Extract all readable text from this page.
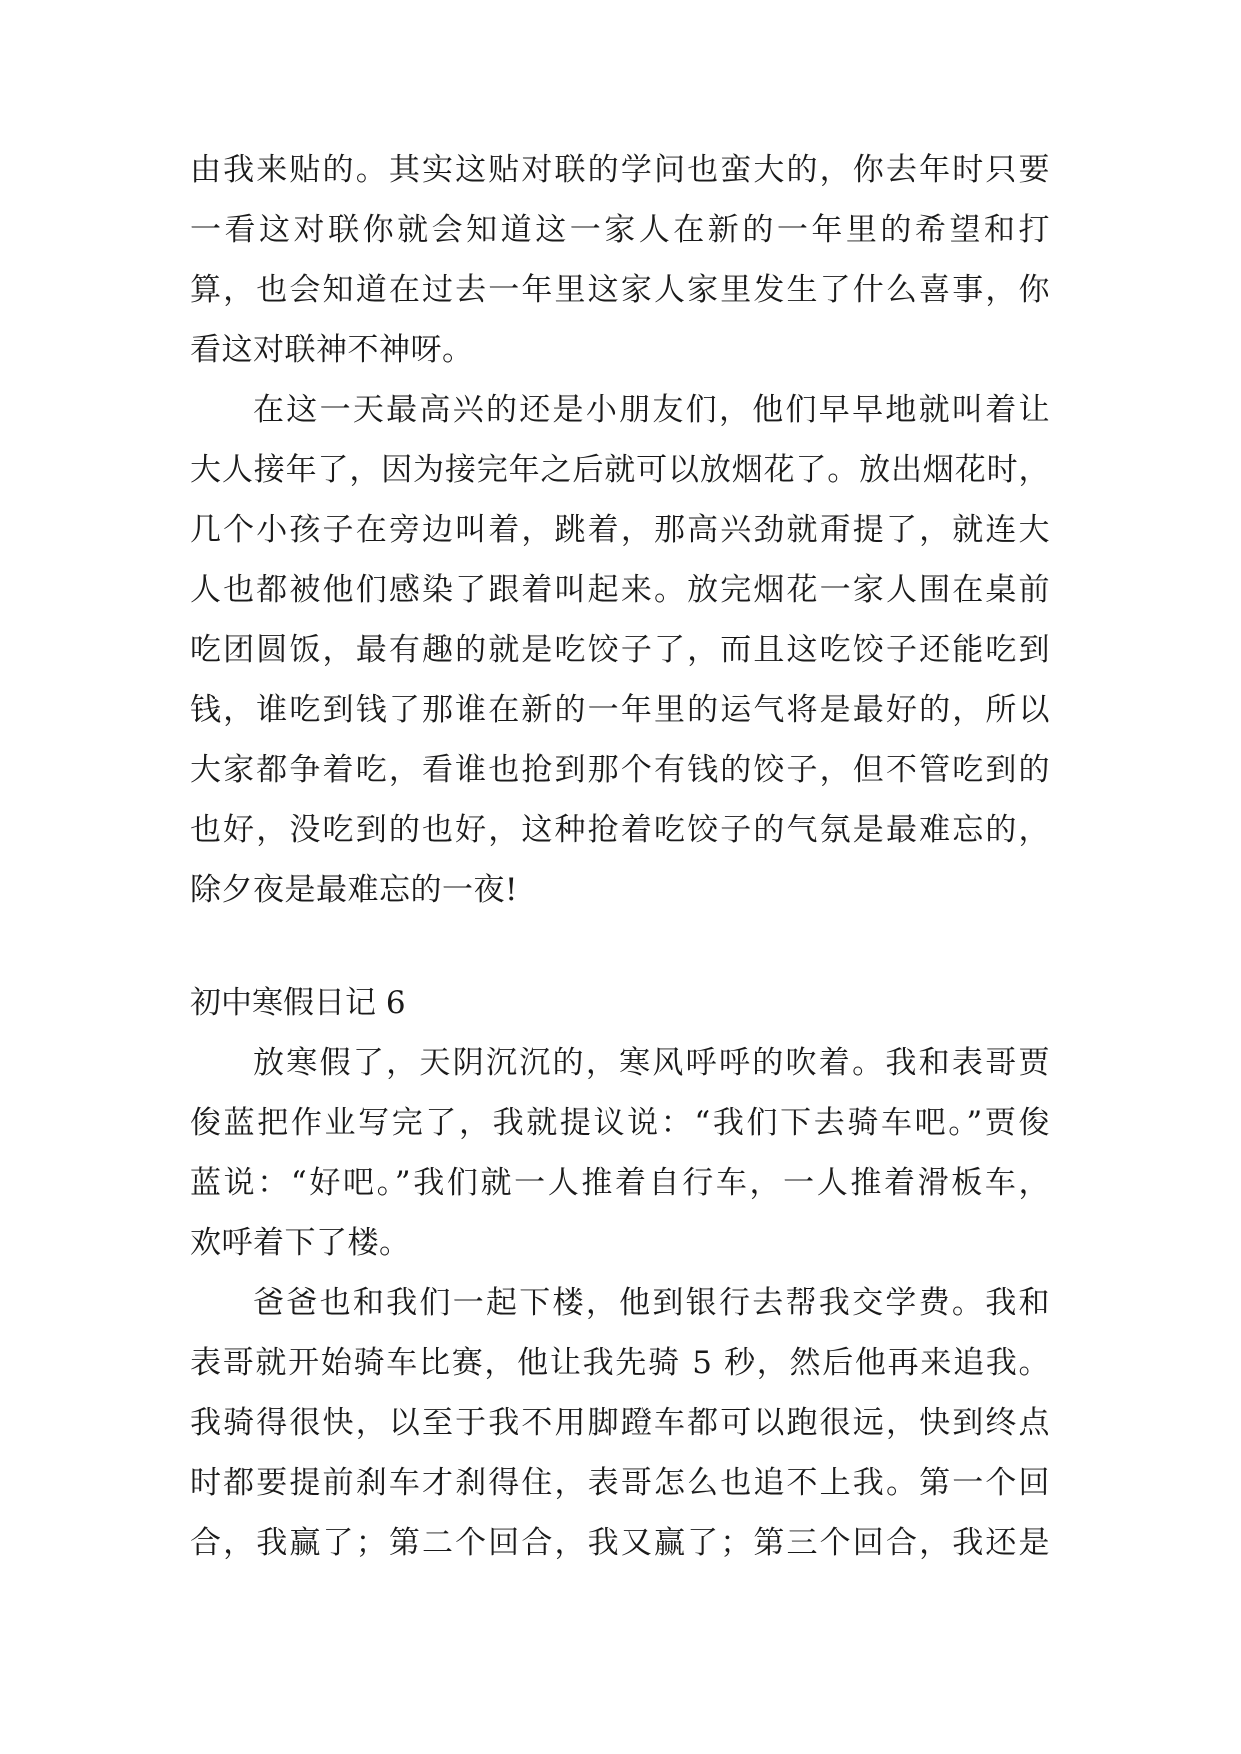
由我来贴的。其实这贴对联的学问也蛮大的，你去年时只要
一看这对联你就会知道这一家人在新的一年里的希望和打
算，也会知道在过去一年里这家人家里发生了什么喜事，你
看这对联神不神呀。
在这一天最高兴的还是小朋友们，他们早早地就叫着让
大人接年了，因为接完年之后就可以放烟花了。放出烟花时，
几个小孩子在旁边叫着，跳着，那高兴劲就甭提了，就连大
人也都被他们感染了跟着叫起来。放完烟花一家人围在桌前
吃团圆饭，最有趣的就是吃饺子了，而且这吃饺子还能吃到
钱，谁吃到钱了那谁在新的一年里的运气将是最好的，所以
大家都争着吃，看谁也抢到那个有钱的饺子，但不管吃到的
也好，没吃到的也好，这种抢着吃饺子的气氛是最难忘的，
除夕夜是最难忘的一夜!
初中寒假日记 6
放寒假了，天阴沉沉的，寒风呼呼的吹着。我和表哥贾
俊蓝把作业写完了，我就提议说：“我们下去骑车吧。”贾俊
蓝说：“好吧。”我们就一人推着自行车，一人推着滑板车，
欢呼着下了楼。
爸爸也和我们一起下楼，他到银行去帮我交学费。我和
表哥就开始骑车比赛，他让我先骑 5 秒，然后他再来追我。
我骑得很快，以至于我不用脚蹬车都可以跑很远，快到终点
时都要提前刹车才刹得住，表哥怎么也追不上我。第一个回
合，我赢了；第二个回合，我又赢了；第三个回合，我还是
